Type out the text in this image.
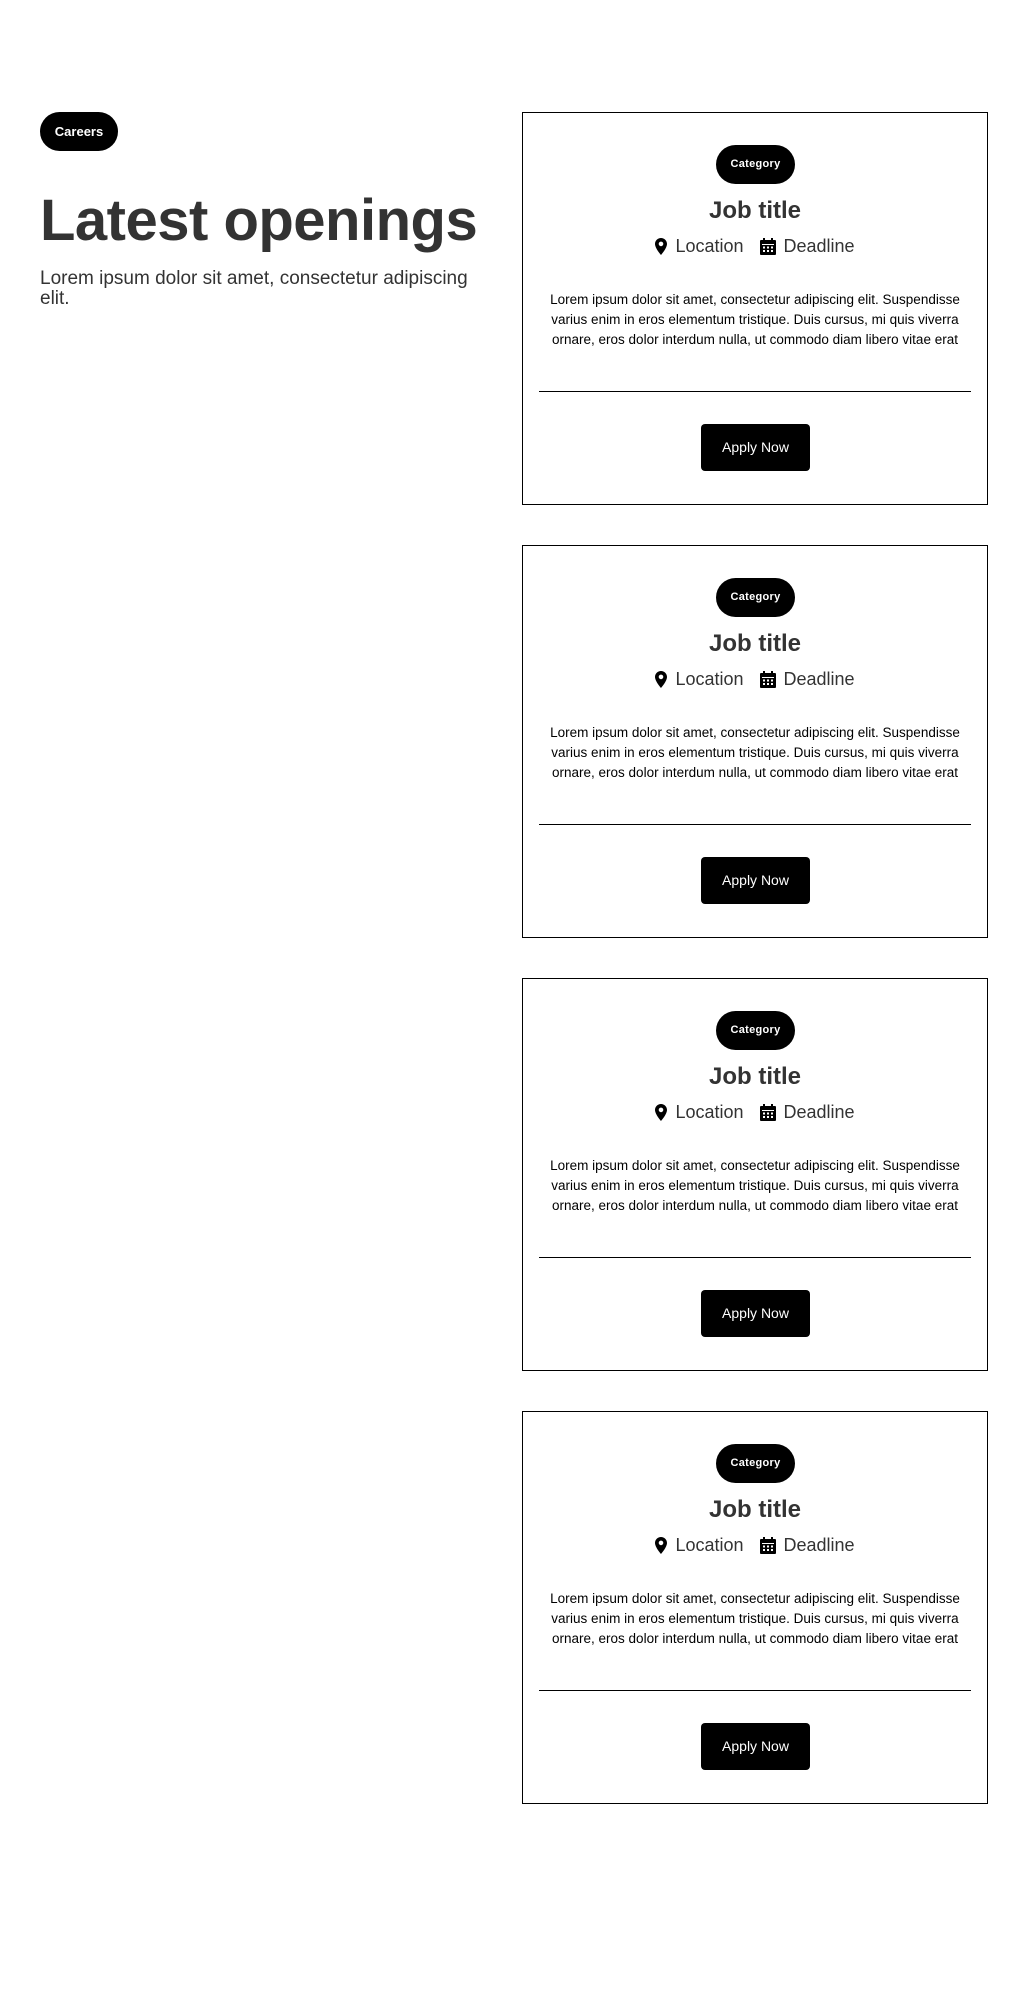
Careers
Latest openings

Lorem ipsum dolor sit amet, consectetur adipiscing elit.

Category
Job title
Location Deadline
Lorem ipsum dolor sit amet, consectetur adipiscing elit. Suspendisse varius enim in eros elementum tristique. Duis cursus, mi quis viverra ornare, eros dolor interdum nulla, ut commodo diam libero vitae erat
Apply Now
Category
Job title
Location Deadline
Lorem ipsum dolor sit amet, consectetur adipiscing elit. Suspendisse varius enim in eros elementum tristique. Duis cursus, mi quis viverra ornare, eros dolor interdum nulla, ut commodo diam libero vitae erat
Apply Now
Category
Job title
Location Deadline
Lorem ipsum dolor sit amet, consectetur adipiscing elit. Suspendisse varius enim in eros elementum tristique. Duis cursus, mi quis viverra ornare, eros dolor interdum nulla, ut commodo diam libero vitae erat
Apply Now
Category
Job title
Location Deadline
Lorem ipsum dolor sit amet, consectetur adipiscing elit. Suspendisse varius enim in eros elementum tristique. Duis cursus, mi quis viverra ornare, eros dolor interdum nulla, ut commodo diam libero vitae erat
Apply Now
